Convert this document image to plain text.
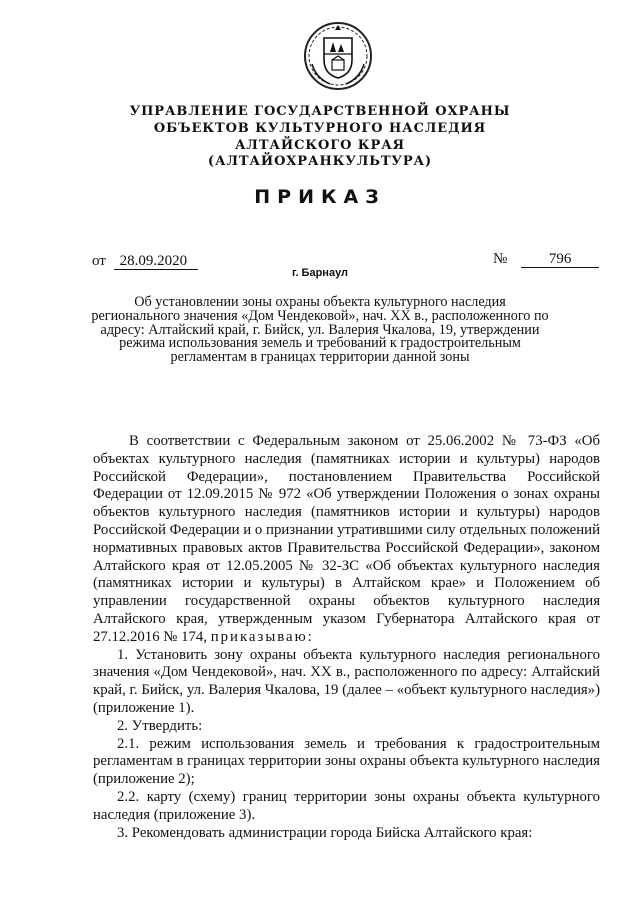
УПРАВЛЕНИЕ ГОСУДАРСТВЕННОЙ ОХРАНЫ
ОБЪЕКТОВ КУЛЬТУРНОГО НАСЛЕДИЯ
АЛТАЙСКОГО КРАЯ
(АЛТАЙОХРАНКУЛЬТУРА)
ПРИКАЗ
от 28.09.2020	№	796
г. Барнаул
Об установлении зоны охраны объекта культурного наследия регионального значения «Дом Чендековой», нач. XX в., расположенного по адресу: Алтайский край, г. Бийск, ул. Валерия Чкалова, 19, утверждении режима использования земель и требований к градостроительным регламентам в границах территории данной зоны

В соответствии с Федеральным законом от 25.06.2002 № 73-ФЗ «Об объектах культурного наследия (памятниках истории и культуры) народов Российской Федерации», постановлением Правительства Российской Федерации от 12.09.2015 № 972 «Об утверждении Положения о зонах охраны объектов культурного наследия (памятников истории и культуры) народов Российской Федерации и о признании утратившими силу отдельных положений нормативных правовых актов Правительства Российской Федерации», законом Алтайского края от 12.05.2005 № 32-ЗС «Об объектах культурного наследия (памятниках истории и культуры) в Алтайском крае» и Положением об управлении государственной охраны объектов культурного наследия Алтайского края, утвержденным указом Губернатора Алтайского края от 27.12.2016 № 174, приказываю:

1. Установить зону охраны объекта культурного наследия регионального значения «Дом Чендековой», нач. XX в., расположенного по адресу: Алтайский край, г. Бийск, ул. Валерия Чкалова, 19 (далее – «объект культурного наследия») (приложение 1).

2. Утвердить:

2.1. режим использования земель и требования к градостроительным регламентам в границах территории зоны охраны объекта культурного наследия (приложение 2);

2.2. карту (схему) границ территории зоны охраны объекта культурного наследия (приложение 3).

3. Рекомендовать администрации города Бийска Алтайского края:
